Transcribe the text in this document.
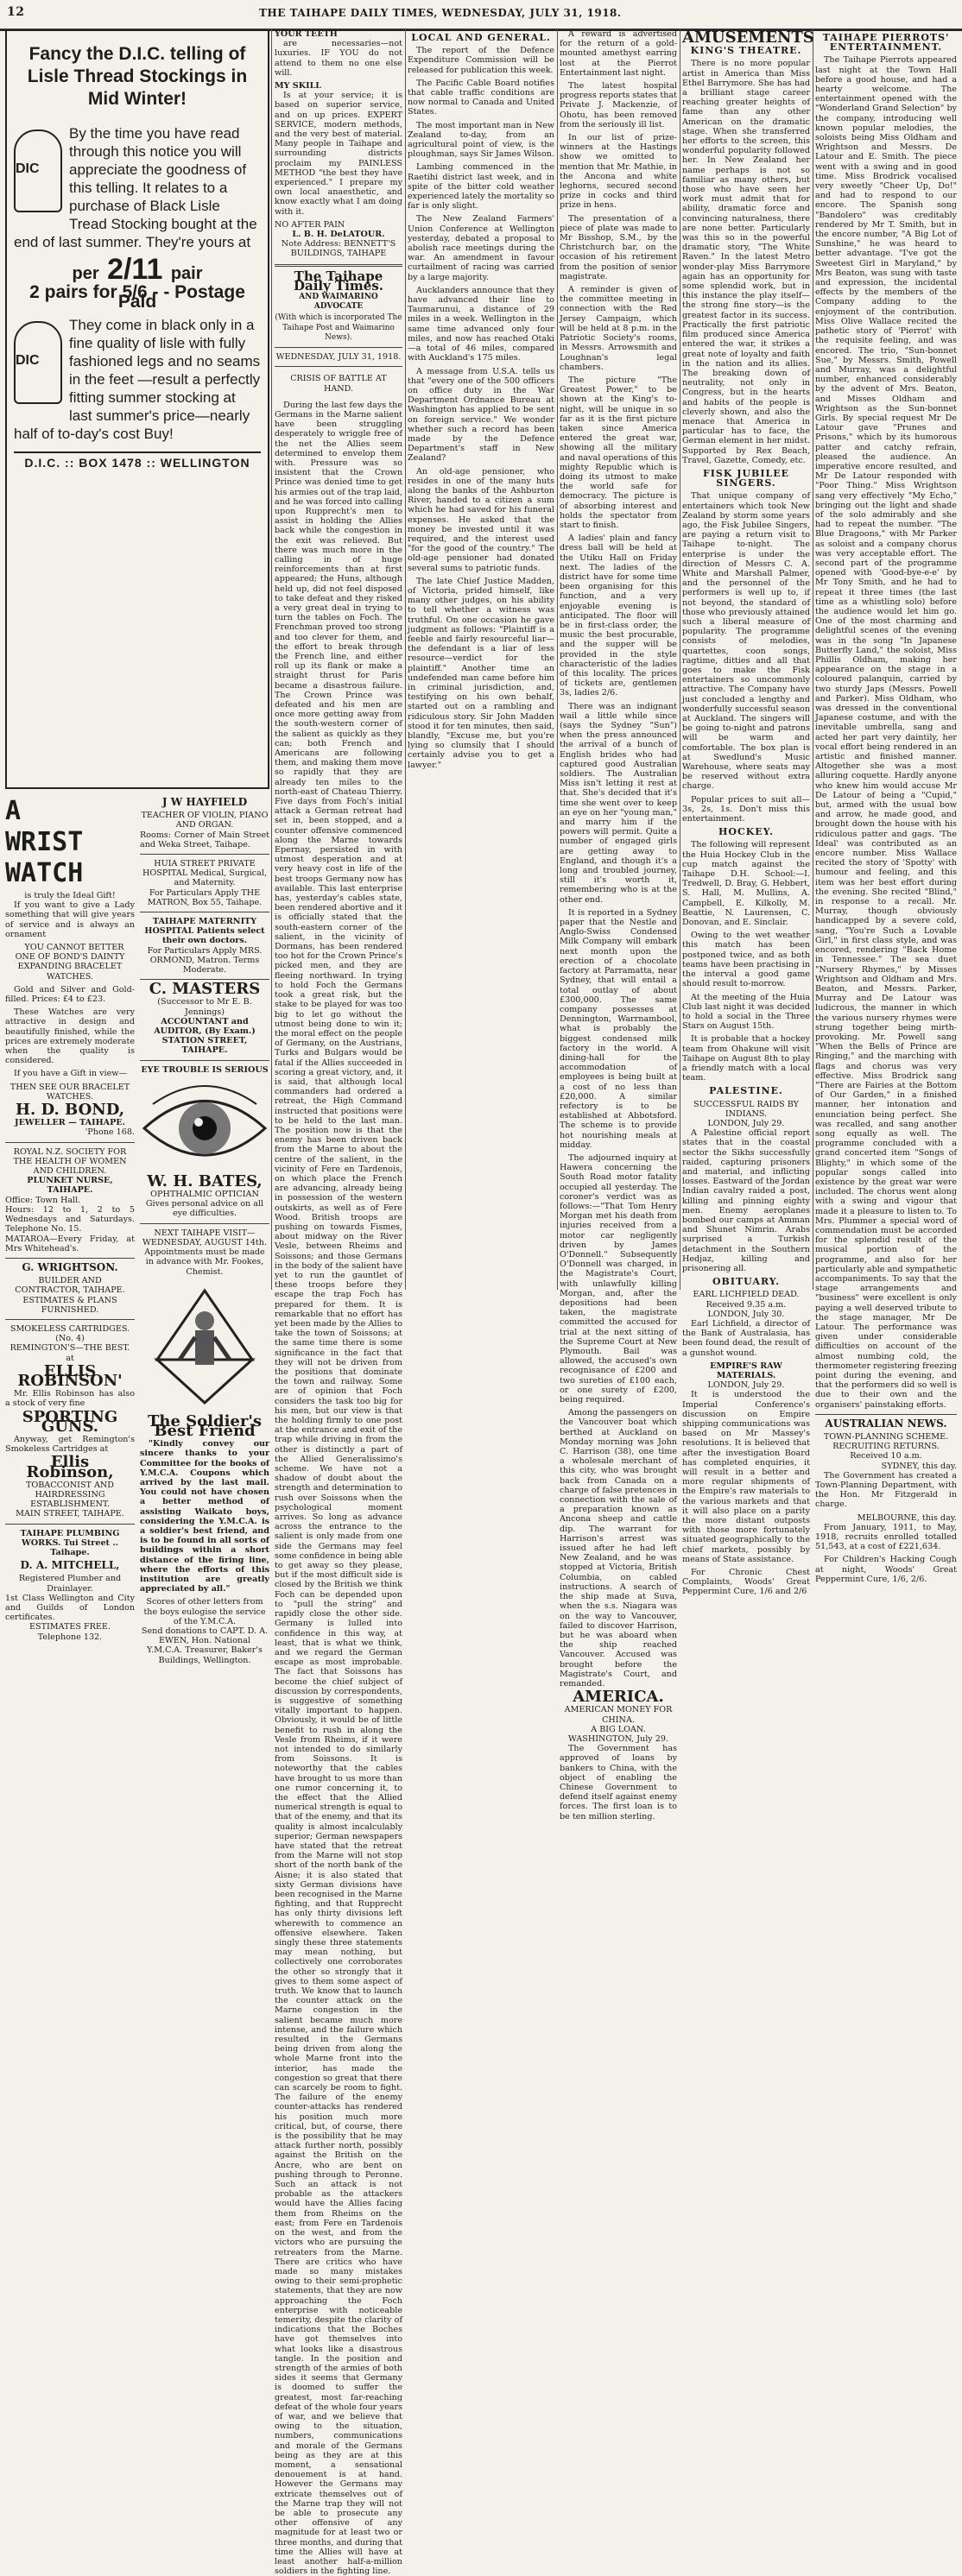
12	THE TAIHAPE DAILY TIMES, WEDNESDAY, JULY 31, 1918.
Fancy the D.I.C. telling of Lisle Thread Stockings in Mid Winter!
DIC
By the time you have read through this notice you will appreciate the goodness of this telling. It relates to a purchase of Black Lisle Tread Stocking bought at the end of last summer. They're yours at
per 2/11 pair
2 pairs for 5/6 - - Postage Paid
DIC
They come in black only in a fine quality of lisle with fully fashioned legs and no seams in the feet —result a perfectly fitting summer stocking at last summer's price—nearly half of to-day's cost Buy!
D.I.C. :: BOX 1478 :: WELLINGTON
A
WRIST
WATCH
is truly the Ideal Gift!

If you want to give a Lady something that will give years of service and is always an ornament

YOU CANNOT BETTER ONE OF BOND'S DAINTY EXPANDING BRACELET WATCHES.

Gold and Silver and Gold-filled. Prices: £4 to £23.

These Watches are very attractive in design and beautifully finished, while the prices are extremely moderate when the quality is considered.

If you have a Gift in view—

THEN SEE OUR BRACELET WATCHES.
H. D. BOND,
JEWELLER — TAIHAPE.
'Phone 168.
ROYAL N.Z. SOCIETY FOR THE HEALTH OF WOMEN AND CHILDREN.
PLUNKET NURSE, TAIHAPE.
Office: Town Hall.
Hours: 12 to 1, 2 to 5 Wednesdays and Saturdays. Telephone No. 15.
MATAROA—Every Friday, at Mrs Whitehead's.
G. WRIGHTSON.
BUILDER AND CONTRACTOR, TAIHAPE.
ESTIMATES & PLANS FURNISHED.
SMOKELESS CARTRIDGES. (No. 4)
REMINGTON'S—THE BEST. at
ELLIS ROBINSON'

Mr. Ellis Robinson has also a stock of very fine

SPORTING GUNS.

Anyway, get Remington's Smokeless Cartridges at

Ellis Robinson,
TOBACCONIST AND HAIRDRESSING ESTABLISHMENT.
MAIN STREET, TAIHAPE.
TAIHAPE PLUMBING WORKS. Tui Street .. Taihape.
D. A. MITCHELL,
Registered Plumber and Drainlayer.
1st Class Wellington and City and Guilds of London certificates.
ESTIMATES FREE.
Telephone 132.
J W HAYFIELD
TEACHER OF VIOLIN, PIANO AND ORGAN.
Rooms: Corner of Main Street and Weka Street, Taihape.
HUIA STREET PRIVATE HOSPITAL Medical, Surgical, and Maternity.
For Particulars Apply THE MATRON, Box 55, Taihape.
TAIHAPE MATERNITY HOSPITAL Patients select their own doctors.
For Particulars Apply MRS. ORMOND, Matron. Terms Moderate.
C. MASTERS
(Successor to Mr E. B. Jennings)
ACCOUNTANT and AUDITOR, (By Exam.) STATION STREET, TAIHAPE.
EYE TROUBLE IS SERIOUS
W. H. BATES,
OPHTHALMIC OPTICIAN
Gives personal advice on all eye difficulties.
NEXT TAIHAPE VISIT— WEDNESDAY, AUGUST 14th. Appointments must be made in advance with Mr. Fookes, Chemist.
The Soldier's Best Friend

"Kindly convey our sincere thanks to your Committee for the books of Y.M.C.A. Coupons which arrived by the last mail. You could not have chosen a better method of assisting Waikato boys, considering the Y.M.C.A. is a soldier's best friend, and is to be found in all sorts of buildings within a short distance of the firing line, where the efforts of this institution are greatly appreciated by all."

Scores of other letters from the boys eulogise the service of the Y.M.C.A.
Send donations to CAPT. D. A. EWEN, Hon. National Y.M.C.A. Treasurer, Baker's Buildings, Wellington.
YOUR TEETH

are necessaries—not luxuries. IF YOU do not attend to them no one else will.

MY SKILL

Is at your service; it is based on superior service, and on up prices. EXPERT SERVICE, modern methods, and the very best of material. Many people in Taihape and surrounding districts proclaim my PAINLESS METHOD "the best they have experienced." I prepare my own local anaesthetic, and know exactly what I am doing with it.

NO AFTER PAIN
L. B. H. DeLATOUR.
Note Address: BENNETT'S BUILDINGS, TAIHAPE
The Taihape Daily Times.
AND WAIMARINO ADVOCATE
(With which is incorporated The Taihape Post and Waimarino News).
WEDNESDAY, JULY 31, 1918.
CRISIS OF BATTLE AT HAND.

During the last few days the Germans in the Marne salient have been struggling desperately to wriggle free of the net the Allies seem determined to envelop them with. Pressure was so insistent that the Crown Prince was denied time to get his armies out of the trap laid, and he was forced into calling upon Rupprecht's men to assist in holding the Allies back while the congestion in the exit was relieved. But there was much more in the calling in of huge reinforcements than at first appeared; the Huns, although held up, did not feel disposed to take defeat and they risked a very great deal in trying to turn the tables on Foch. The Frenchman proved too strong and too clever for them, and the effort to break through the French line, and either roll up its flank or make a straight thrust for Paris became a disastrous failure. The Crown Prince was defeated and his men are once more getting away from the south-western corner of the salient as quickly as they can; both French and Americans are following them, and making them move so rapidly that they are already ten miles to the north-east of Chateau Thierry. Five days from Foch's initial attack a German retreat had set in, been stopped, and a counter offensive commenced along the Marne towards Epernay, persisted in with utmost desperation and at very heavy cost in life of the best troops Germany now has available. This last enterprise has, yesterday's cables state, been rendered abortive and it is officially stated that the south-eastern corner of the salient, in the vicinity of Dormans, has been rendered too hot for the Crown Prince's picked men, and they are fleeing northward. In trying to hold Foch the Germans took a great risk, but the stake to be played for was too big to let go without the utmost being done to win it; the moral effect on the people of Germany, on the Austrians, Turks and Bulgars would be fatal if the Allies succeeded in scoring a great victory, and, it is said, that although local commanders had ordered a retreat, the High Command instructed that positions were to be held to the last man. The position now is that the enemy has been driven back from the Marne to about the centre of the salient, in the vicinity of Fere en Tardenois, on which place the French are advancing, already being in possession of the western outskirts, as well as of Fere Wood. British troops are pushing on towards Fismes, about midway on the River Vesle, between Rheims and Soissons; and those Germans in the body of the salient have yet to run the gauntlet of these troops before they escape the trap Foch has prepared for them. It is remarkable that no effort has yet been made by the Allies to take the town of Soissons; at the same time there is some significance in the fact that they will not be driven from the positions that dominate the town and railway. Some are of opinion that Foch considers the task too big for his men, but our view is that the holding firmly to one post at the entrance and exit of the trap while driving in from the other is distinctly a part of the Allied Generalissimo's scheme. We have not a shadow of doubt about the strength and determination to rush over Soissons when the psychological moment arrives. So long as advance across the entrance to the salient is only made from one side the Germans may feel some confidence in being able to get away so they please, but if the most difficult side is closed by the British we think Foch can be depended upon to "pull the string" and rapidly close the other side. Germany is lulled into confidence in this way, at least, that is what we think, and we regard the German escape as most improbable. The fact that Soissons has become the chief subject of discussion by correspondents, is suggestive of something vitally important to happen. Obviously, it would be of little benefit to rush in along the Vesle from Rheims, if it were not intended to do similarly from Soissons. It is noteworthy that the cables have brought to us more than one rumor concerning it, to the effect that the Allied numerical strength is equal to that of the enemy, and that its quality is almost incalculably superior; German newspapers have stated that the retreat from the Marne will not stop short of the north bank of the Aisne; it is also stated that sixty German divisions have been recognised in the Marne fighting, and that Rupprecht has only thirty divisions left wherewith to commence an offensive elsewhere. Taken singly these three statements may mean nothing, but collectively one corroborates the other so strongly that it gives to them some aspect of truth. We know that to launch the counter attack on the Marne congestion in the salient became much more intense, and the failure which resulted in the Germans being driven from along the whole Marne front into the interior, has made the congestion so great that there can scarcely be room to fight. The failure of the enemy counter-attacks has rendered his position much more critical, but, of course, there is the possibility that he may attack further north, possibly against the British on the Ancre, who are bent on pushing through to Peronne. Such an attack is not probable as the attackers would have the Allies facing them from Rheims on the east; from Fere en Tardenois on the west, and from the victors who are pursuing the retreaters from the Marne. There are critics who have made so many mistakes owing to their semi-prophetic statements, that they are now approaching the Foch enterprise with noticeable temerity, despite the clarity of indications that the Boches have got themselves into what looks like a disastrous tangle. In the position and strength of the armies of both sides it seems that Germany is doomed to suffer the greatest, most far-reaching defeat of the whole four years of war, and we believe that owing to the situation, numbers, communications and morale of the Germans being as they are at this moment, a sensational denouement is at hand. However the Germans may extricate themselves out of the Marne trap they will not be able to prosecute any other offensive of any magnitude for at least two or three months, and during that time the Allies will have at least another half-a-million soldiers in the fighting line.

LOCAL AND GENERAL.

The report of the Defence Expenditure Commission will be released for publication this week.

The Pacific Cable Board notifies that cable traffic conditions are now normal to Canada and United States.

The most important man in New Zealand to-day, from an agricultural point of view, is the ploughman, says Sir James Wilson.

Lambing commenced in the Raetihi district last week, and in spite of the bitter cold weather experienced lately the mortality so far is only slight.

The New Zealand Farmers' Union Conference at Wellington yesterday, debated a proposal to abolish race meetings during the war. An amendment in favour curtailment of racing was carried by a large majority.

Aucklanders announce that they have advanced their line to Taumarunui, a distance of 29 miles in a week. Wellington in the same time advanced only four miles, and now has reached Otaki—a total of 46 miles, compared with Auckland's 175 miles.

A message from U.S.A. tells us that "every one of the 500 officers on office duty in the War Department Ordnance Bureau at Washington has applied to be sent on foreign service." We wonder whether such a record has been made by the Defence Department's staff in New Zealand?

An old-age pensioner, who resides in one of the many huts along the banks of the Ashburton River, handed to a citizen a sum which he had saved for his funeral expenses. He asked that the money be invested until it was required, and the interest used "for the good of the country." The old-age pensioner had donated several sums to patriotic funds.

The late Chief Justice Madden, of Victoria, prided himself, like many other judges, on his ability to tell whether a witness was truthful. On one occasion he gave judgment as follows: "Plaintiff is a feeble and fairly resourceful liar—the defendant is a liar of less resource—verdict for the plaintiff." Another time an undefended man came before him in criminal jurisdiction, and, testifying on his own behalf, started out on a rambling and ridiculous story. Sir John Madden stood it for ten minutes, then said, blandly, "Excuse me, but you're lying so clumsily that I should certainly advise you to get a lawyer."

A reward is advertised for the return of a gold-mounted amethyst earring lost at the Pierrot Entertainment last night.

The latest hospital progress reports states that Private J. Mackenzie, of Ohotu, has been removed from the seriously ill list.

In our list of prize-winners at the Hastings show we omitted to mention that Mr. Mathie, in the Ancona and white leghorns, secured second prize in cocks and third prize in hens.

The presentation of a piece of plate was made to Mr Bisshop, S.M., by the Christchurch bar, on the occasion of his retirement from the position of senior magistrate.

A reminder is given of the committee meeting in connection with the Red Jersey Campaign, which will be held at 8 p.m. in the Patriotic Society's rooms, in Messrs. Arrowsmith and Loughnan's legal chambers.

The picture "The Greatest Power," to be shown at the King's to-night, will be unique in so far as it is the first picture taken since America entered the great war, showing all the military and naval operations of this mighty Republic which is doing its utmost to make the world safe for democracy. The picture is of absorbing interest and holds the spectator from start to finish.

A ladies' plain and fancy dress ball will be held at the Utiku Hall on Friday next. The ladies of the district have for some time been organising for this function, and a very enjoyable evening is anticipated. The floor will be in first-class order, the music the best procurable, and the supper will be provided in the style characteristic of the ladies of this locality. The prices of tickets are, gentlemen 3s, ladies 2/6.

There was an indignant wail a little while since (says the Sydney "Sun") when the press announced the arrival of a bunch of English brides who had captured good Australian soldiers. The Australian Miss isn't letting it rest at that. She's decided that it's time she went over to keep an eye on her "young man," and marry him if the powers will permit. Quite a number of engaged girls are getting away to England, and though it's a long and troubled journey, still it's worth it, remembering who is at the other end.

It is reported in a Sydney paper that the Nestle and Anglo-Swiss Condensed Milk Company will embark next month upon the erection of a chocolate factory at Parramatta, near Sydney, that will entail a total outlay of about £300,000. The same company possesses at Dennington, Warrnambool, what is probably the biggest condensed milk factory in the world. A dining-hall for the accommodation of employees is being built at a cost of no less than £20,000. A similar refectory is to be established at Abbotsford. The scheme is to provide hot nourishing meals at midday.

The adjourned inquiry at Hawera concerning the South Road motor fatality occupied all yesterday. The coroner's verdict was as follows:—"That Tom Henry Morgan met his death from injuries received from a motor car negligently driven by James O'Donnell." Subsequently O'Donnell was charged, in the Magistrate's Court, with unlawfully killing Morgan, and, after the depositions had been taken, the magistrate committed the accused for trial at the next sitting of the Supreme Court at New Plymouth. Bail was allowed, the accused's own recognisance of £200 and two sureties of £100 each, or one surety of £200, being required.

Among the passengers on the Vancouver boat which berthed at Auckland on Monday morning was John C. Harrison (38), one time a wholesale merchant of this city, who was brought back from Canada on a charge of false pretences in connection with the sale of a preparation known as Ancona sheep and cattle dip. The warrant for Harrison's arrest was issued after he had left New Zealand, and he was stopped at Victoria, British Columbia, on cabled instructions. A search of the ship made at Suva, when the s.s. Niagara was on the way to Vancouver, failed to discover Harrison, but he was aboard when the ship reached Vancouver. Accused was brought before the Magistrate's Court, and remanded.

AMERICA.
AMERICAN MONEY FOR CHINA.
A BIG LOAN.
WASHINGTON, July 29.

The Government has approved of loans by bankers to China, with the object of enabling the Chinese Government to defend itself against enemy forces. The first loan is to be ten million sterling.

AMUSEMENTS
KING'S THEATRE.

There is no more popular artist in America than Miss Ethel Barrymore. She has had a brilliant stage career reaching greater heights of fame than any other American on the dramatic stage. When she transferred her efforts to the screen, this wonderful popularity followed her. In New Zealand her name perhaps is not so familiar as many others, but those who have seen her work must admit that for ability, dramatic force and convincing naturalness, there are none better. Particularly was this so in the powerful dramatic story, "The White Raven." In the latest Metro wonder-play Miss Barrymore again has an opportunity for some splendid work, but in this instance the play itself—the strong fine story—is the greatest factor in its success. Practically the first patriotic film produced since America entered the war, it strikes a great note of loyalty and faith in the nation and its allies. The breaking down of neutrality, not only in Congress, but in the hearts and habits of the people is cleverly shown, and also the menace that America in particular has to face, the German element in her midst. Supported by Rex Beach, Travel, Gazette, Comedy, etc.

FISK JUBILEE SINGERS.

That unique company of entertainers which took New Zealand by storm some years ago, the Fisk Jubilee Singers, are paying a return visit to Taihape to-night. The enterprise is under the direction of Messrs C. A. White and Marshall Palmer, and the personnel of the performers is well up to, if not beyond, the standard of those who previously attained such a liberal measure of popularity. The programme consists of melodies, quartettes, coon songs, ragtime, ditties and all that goes to make the Fisk entertainers so uncommonly attractive. The Company have just concluded a lengthy and wonderfully successful season at Auckland. The singers will be going to-night and patrons will be warm and comfortable. The box plan is at Swedlund's Music Warehouse, where seats may be reserved without extra charge.

Popular prices to suit all—3s, 2s, 1s. Don't miss this entertainment.

HOCKEY.

The following will represent the Huia Hockey Club in the cup match against the Taihape D.H. School:—I. Tredwell, D. Bray, G. Hebbert, S. Hall, M. Mullins, A. Campbell, E. Kilkolly, M. Beattie, N. Laurensen, C. Donovan, and E. Sinclair.

Owing to the wet weather this match has been postponed twice, and as both teams have been practising in the interval a good game should result to-morrow.

At the meeting of the Huia Club last night it was decided to hold a social in the Three Stars on August 15th.

It is probable that a hockey team from Ohakune will visit Taihape on August 8th to play a friendly match with a local team.

PALESTINE.
SUCCESSFUL RAIDS BY INDIANS.
LONDON, July 29.

A Palestine official report states that in the coastal sector the Sikhs successfully raided, capturing prisoners and material, and inflicting losses. Eastward of the Jordan Indian cavalry raided a post, killing and pinning eighty men. Enemy aeroplanes bombed our camps at Amman and Shunet Nimrin. Arabs surprised a Turkish detachment in the Southern Hedjaz, killing and prisonering all.

OBITUARY.
EARL LICHFIELD DEAD.
Received 9.35 a.m.
LONDON, July 30.

Earl Lichfield, a director of the Bank of Australasia, has been found dead, the result of a gunshot wound.

EMPIRE'S RAW MATERIALS.
LONDON, July 29.

It is understood the Imperial Conference's discussion on Empire shipping communications was based on Mr Massey's resolutions. It is believed that after the investigation Board has completed enquiries, it will result in a better and more regular shipments of the Empire's raw materials to the various markets and that it will also place on a parity the more distant outposts with those more fortunately situated geographically to the chief markets, possibly by means of State assistance.

For Chronic Chest Complaints, Woods' Great Peppermint Cure, 1/6 and 2/6

TAIHAPE PIERROTS' ENTERTAINMENT.

The Taihape Pierrots appeared last night at the Town Hall before a good house, and had a hearty welcome. The entertainment opened with the "Wonderland Grand Selection" by the company, introducing well known popular melodies, the soloists being Miss Oldham and Wrightson and Messrs. De Latour and E. Smith. The piece went with a swing and in good time. Miss Brodrick vocalised very sweetly "Cheer Up, Do!" and had to respond to our encore. The Spanish song "Bandolero" was creditably rendered by Mr T. Smith, but in the encore number, "A Big Lot of Sunshine," he was heard to better advantage. "I've got the Sweetest Girl in Maryland," by Mrs Beaton, was sung with taste and expression, the incidental effects by the members of the Company adding to the enjoyment of the contribution. Miss Olive Wallace recited the pathetic story of 'Pierrot' with the requisite feeling, and was encored. The trio, "Sun-bonnet Sue," by Messrs. Smith, Powell and Murray, was a delightful number, enhanced considerably by the advent of Mrs. Beaton, and Misses Oldham and Wrightson as the Sun-bonnet Girls. By special request Mr De Latour gave "Prunes and Prisons," which by its humorous patter and catchy refrain, pleased the audience. An imperative encore resulted, and Mr De Latour responded with "Poor Thing." Miss Wrightson sang very effectively "My Echo," bringing out the light and shade of the solo admirably and she had to repeat the number. "The Blue Dragoons," with Mr Parker as soloist and a company chorus was very acceptable effort. The second part of the programme opened with 'Good-bye-e-e' by Mr Tony Smith, and he had to repeat it three times (the last time as a whistling solo) before the audience would let him go. One of the most charming and delightful scenes of the evening was in the song "In Japanese Butterfly Land," the soloist, Miss Phillis Oldham, making her appearance on the stage in a coloured palanquin, carried by two sturdy Japs (Messrs. Powell and Parker). Miss Oldham, who was dressed in the conventional Japanese costume, and with the inevitable umbrella, sang and acted her part very daintily, her vocal effort being rendered in an artistic and finished manner. Altogether she was a most alluring coquette. Hardly anyone who knew him would accuse Mr De Latour of being a "Cupid," but, armed with the usual bow and arrow, he made good, and brought down the house with his ridiculous patter and gags. 'The Ideal' was contributed as an encore number. Miss Wallace recited the story of 'Spotty' with humour and feeling, and this item was her best effort during the evening. She recited "Blind," in response to a recall. Mr. Murray, though obviously handicapped by a severe cold, sang, "You're Such a Lovable Girl," in first class style, and was encored, rendering "Back Home in Tennessee." The sea duet "Nursery Rhymes," by Misses Wrightson and Oldham and Mrs. Beaton, and Messrs. Parker, Murray and De Latour was ludicrous, the manner in which the various nursery rhymes were strung together being mirth-provoking. Mr. Powell sang "When the Bells of Prince are Ringing," and the marching with flags and chorus was very effective. Miss Brodrick sang "There are Fairies at the Bottom of Our Garden," in a finished manner, her intonation and enunciation being perfect. She was recalled, and sang another song equally as well. The programme concluded with a grand concerted item "Songs of Blighty," in which some of the popular songs called into existence by the great war were included. The chorus went along with a swing and vigour that made it a pleasure to listen to. To Mrs. Plummer a special word of commendation must be accorded for the splendid result of the musical portion of the programme, and also for her particularly able and sympathetic accompaniments. To say that the stage arrangements and "business" were excellent is only paying a well deserved tribute to the stage manager, Mr De Latour. The performance was given under considerable difficulties on account of the almost numbing cold, the thermometer registering freezing point during the evening, and that the performers did so well is due to their own and the organisers' painstaking efforts.

AUSTRALIAN NEWS.
TOWN-PLANNING SCHEME.
RECRUITING RETURNS.
Received 10 a.m.
SYDNEY, this day.

The Government has created a Town-Planning Department, with the Hon. Mr Fitzgerald in charge.

MELBOURNE, this day.

From January, 1911, to May, 1918, recruits enrolled totalled 51,543, at a cost of £221,634.

For Children's Hacking Cough at night, Woods' Great Peppermint Cure, 1/6, 2/6.
